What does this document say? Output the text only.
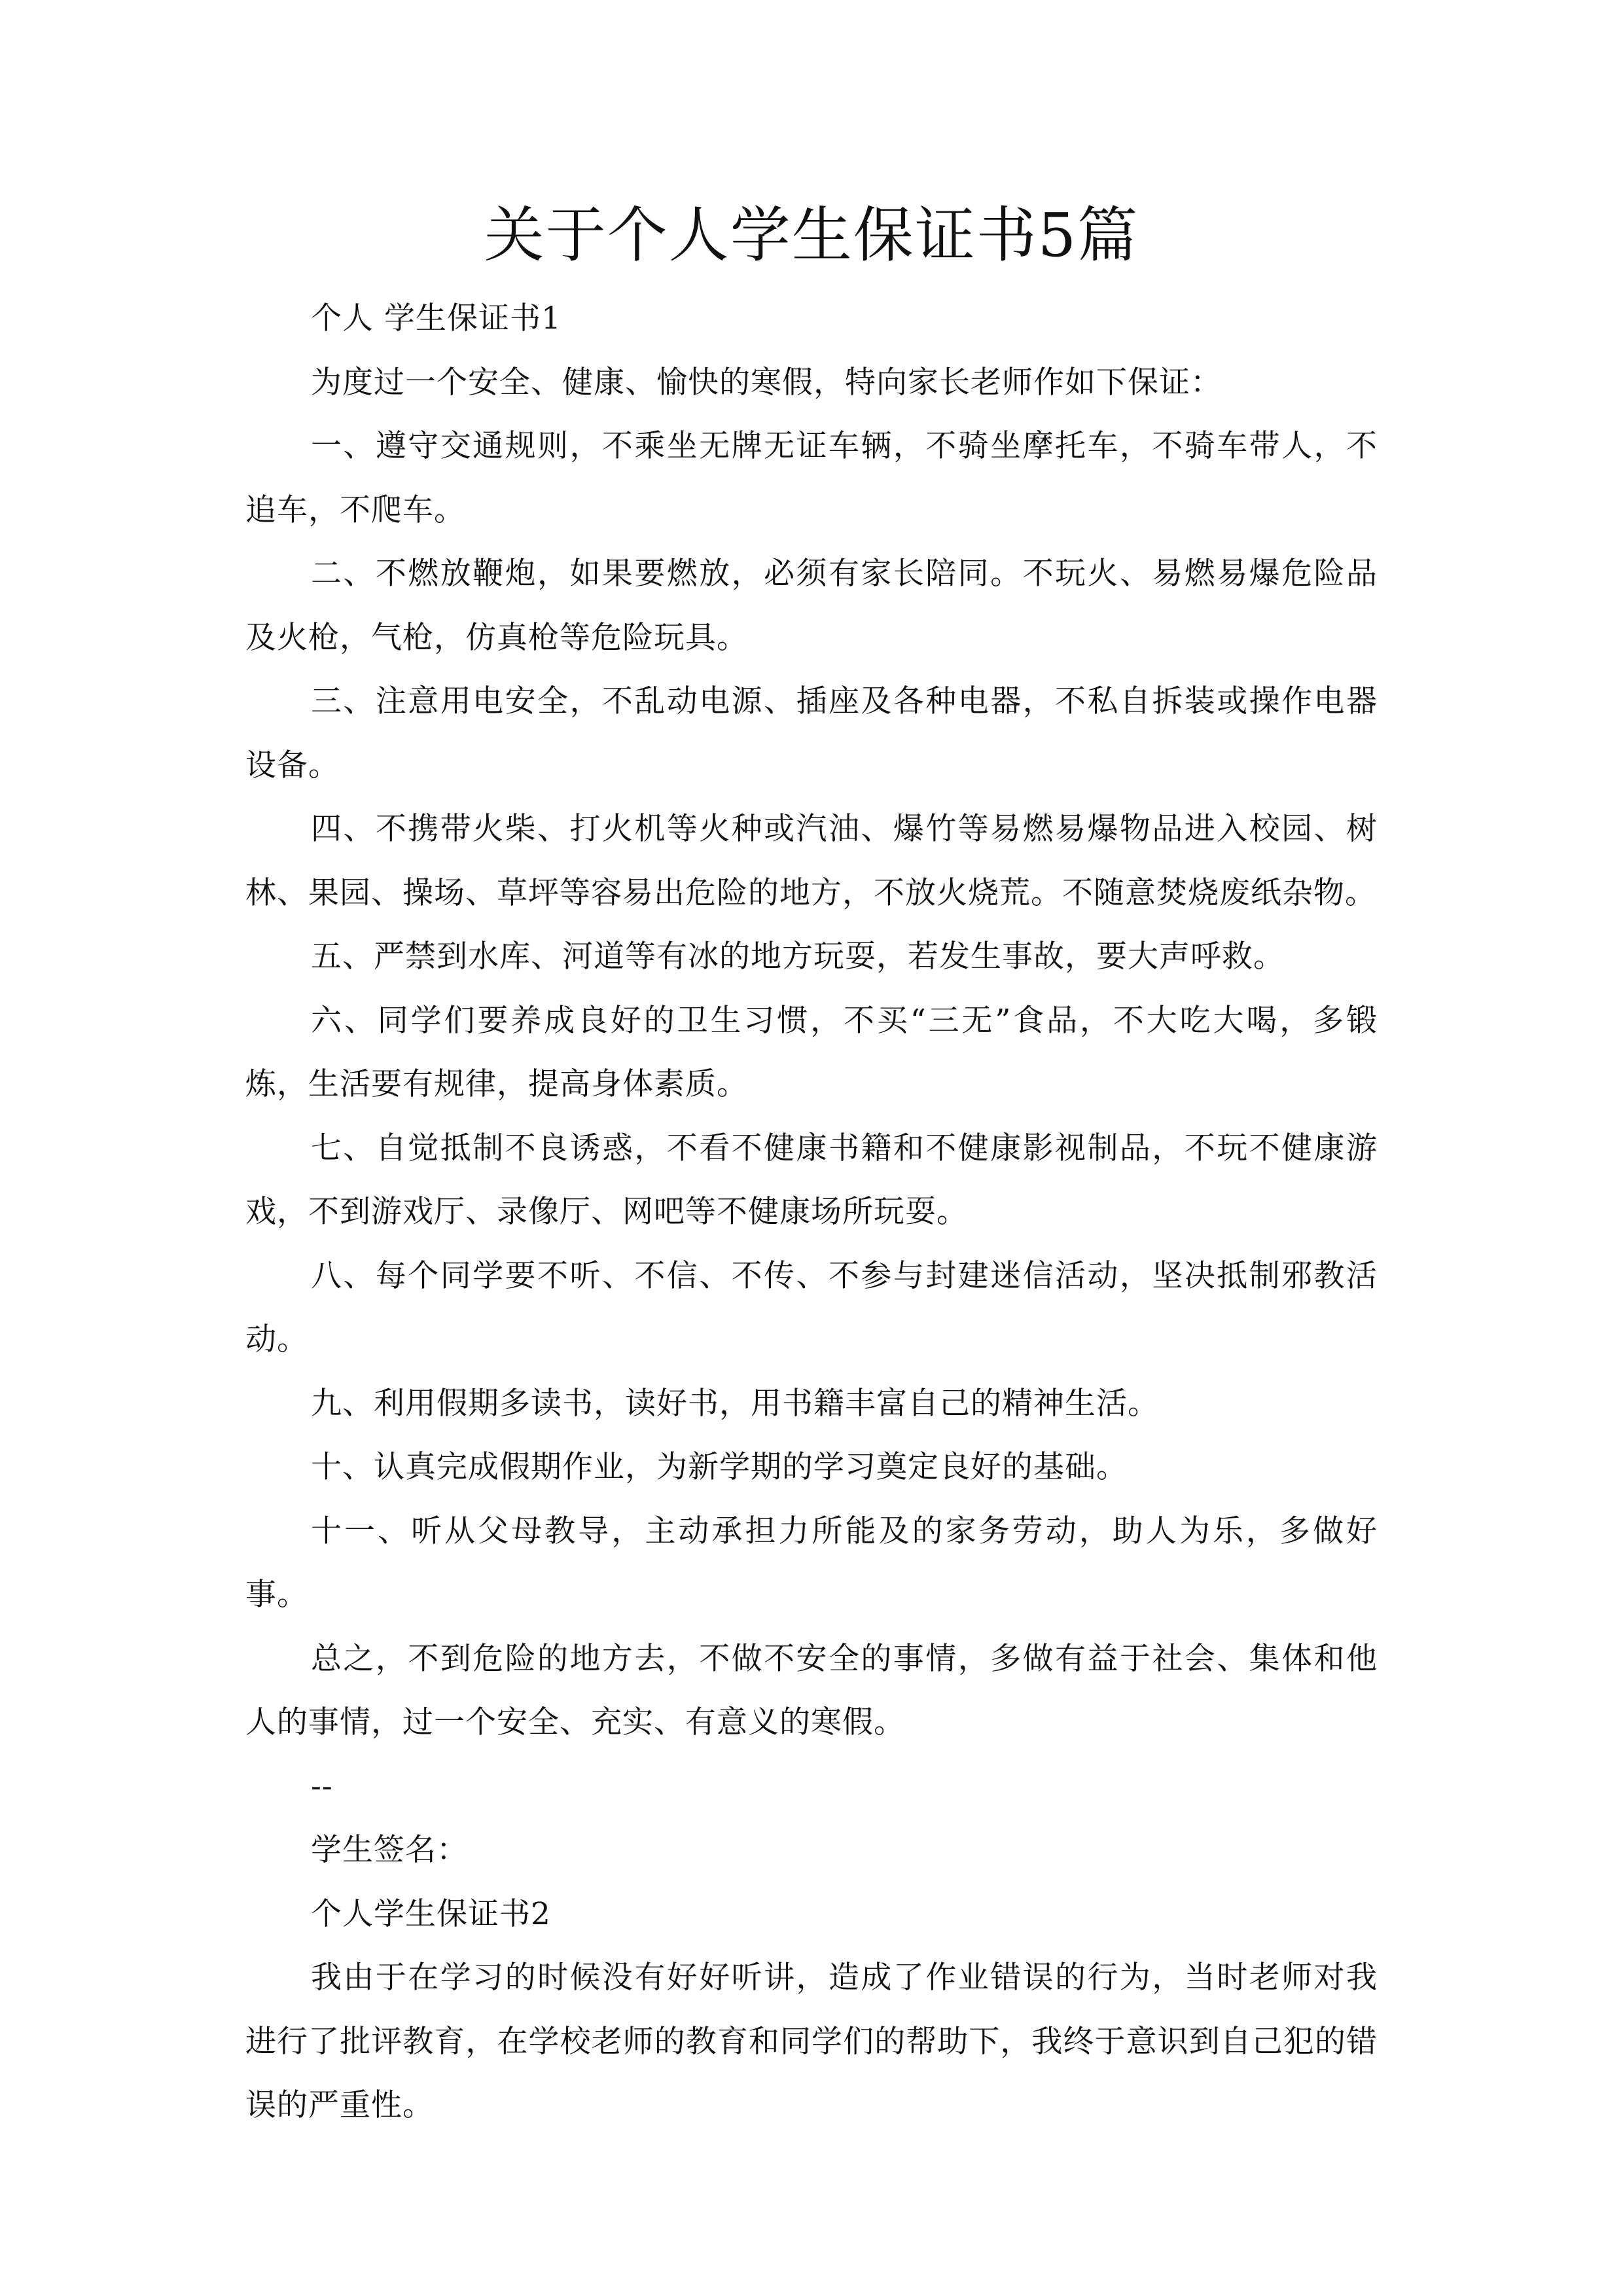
关于个人学生保证书5篇

个人 学生保证书1

为度过一个安全、健康、愉快的寒假，特向家长老师作如下保证：

一、遵守交通规则，不乘坐无牌无证车辆，不骑坐摩托车，不骑车带人，不追车，不爬车。

二、不燃放鞭炮，如果要燃放，必须有家长陪同。不玩火、易燃易爆危险品及火枪，气枪，仿真枪等危险玩具。

三、注意用电安全，不乱动电源、插座及各种电器，不私自拆装或操作电器设备。

四、不携带火柴、打火机等火种或汽油、爆竹等易燃易爆物品进入校园、树林、果园、操场、草坪等容易出危险的地方，不放火烧荒。不随意焚烧废纸杂物。

五、严禁到水库、河道等有冰的地方玩耍，若发生事故，要大声呼救。

六、同学们要养成良好的卫生习惯，不买“三无”食品，不大吃大喝，多锻炼，生活要有规律，提高身体素质。

七、自觉抵制不良诱惑，不看不健康书籍和不健康影视制品，不玩不健康游戏，不到游戏厅、录像厅、网吧等不健康场所玩耍。

八、每个同学要不听、不信、不传、不参与封建迷信活动，坚决抵制邪教活动。

九、利用假期多读书，读好书，用书籍丰富自己的精神生活。

十、认真完成假期作业，为新学期的学习奠定良好的基础。

十一、听从父母教导，主动承担力所能及的家务劳动，助人为乐，多做好事。

总之，不到危险的地方去，不做不安全的事情，多做有益于社会、集体和他人的事情，过一个安全、充实、有意义的寒假。

--

学生签名：

个人学生保证书2

我由于在学习的时候没有好好听讲，造成了作业错误的行为，当时老师对我进行了批评教育，在学校老师的教育和同学们的帮助下，我终于意识到自己犯的错误的严重性。
